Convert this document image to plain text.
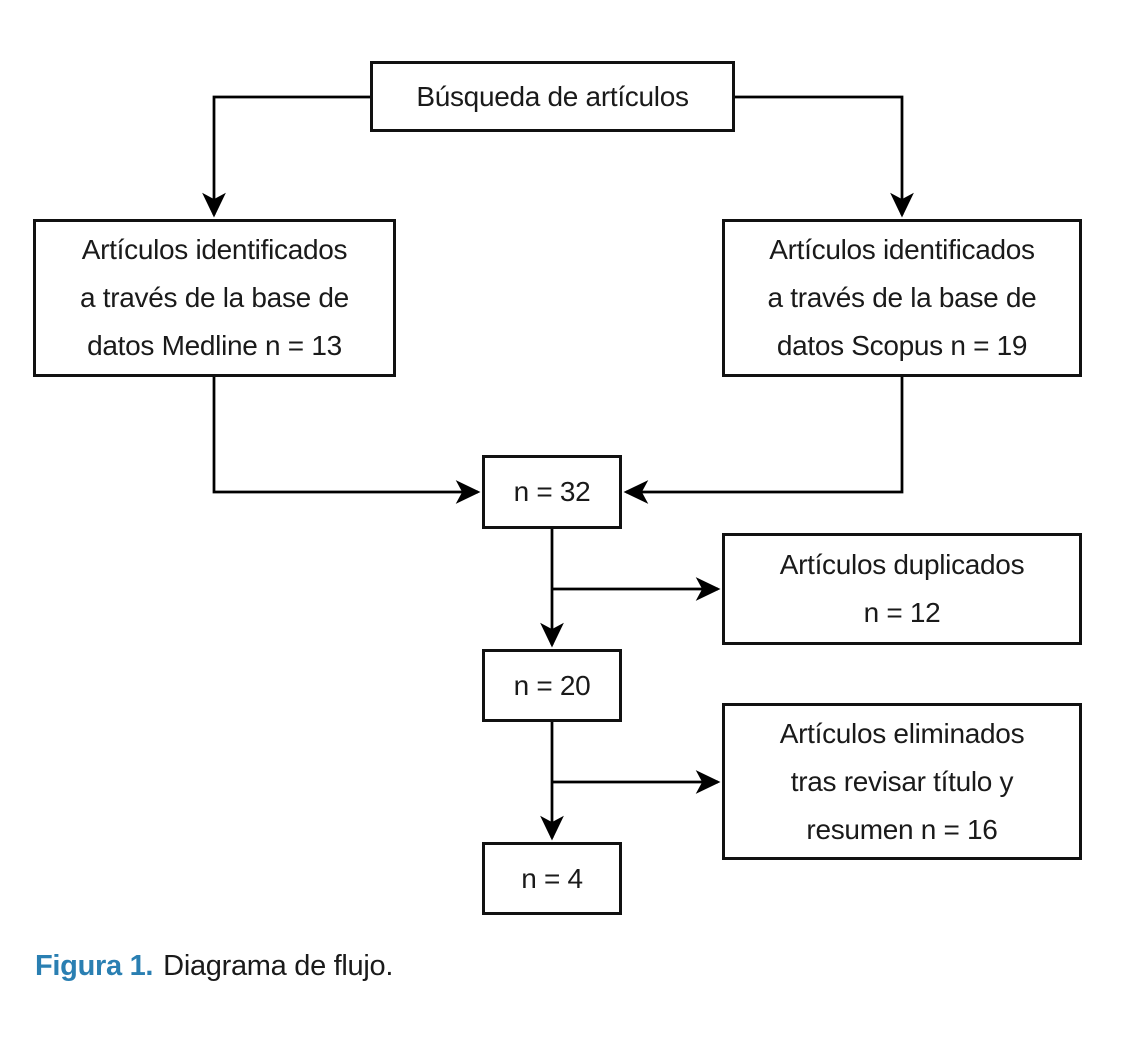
Búsqueda de artículos
Artículos identificados
a través de la base de
datos Medline n = 13
Artículos identificados
a través de la base de
datos Scopus n = 19
n = 32
Artículos duplicados
n = 12
n = 20
Artículos eliminados
tras revisar título y
resumen n = 16
n = 4
Figura 1. Diagrama de flujo.
